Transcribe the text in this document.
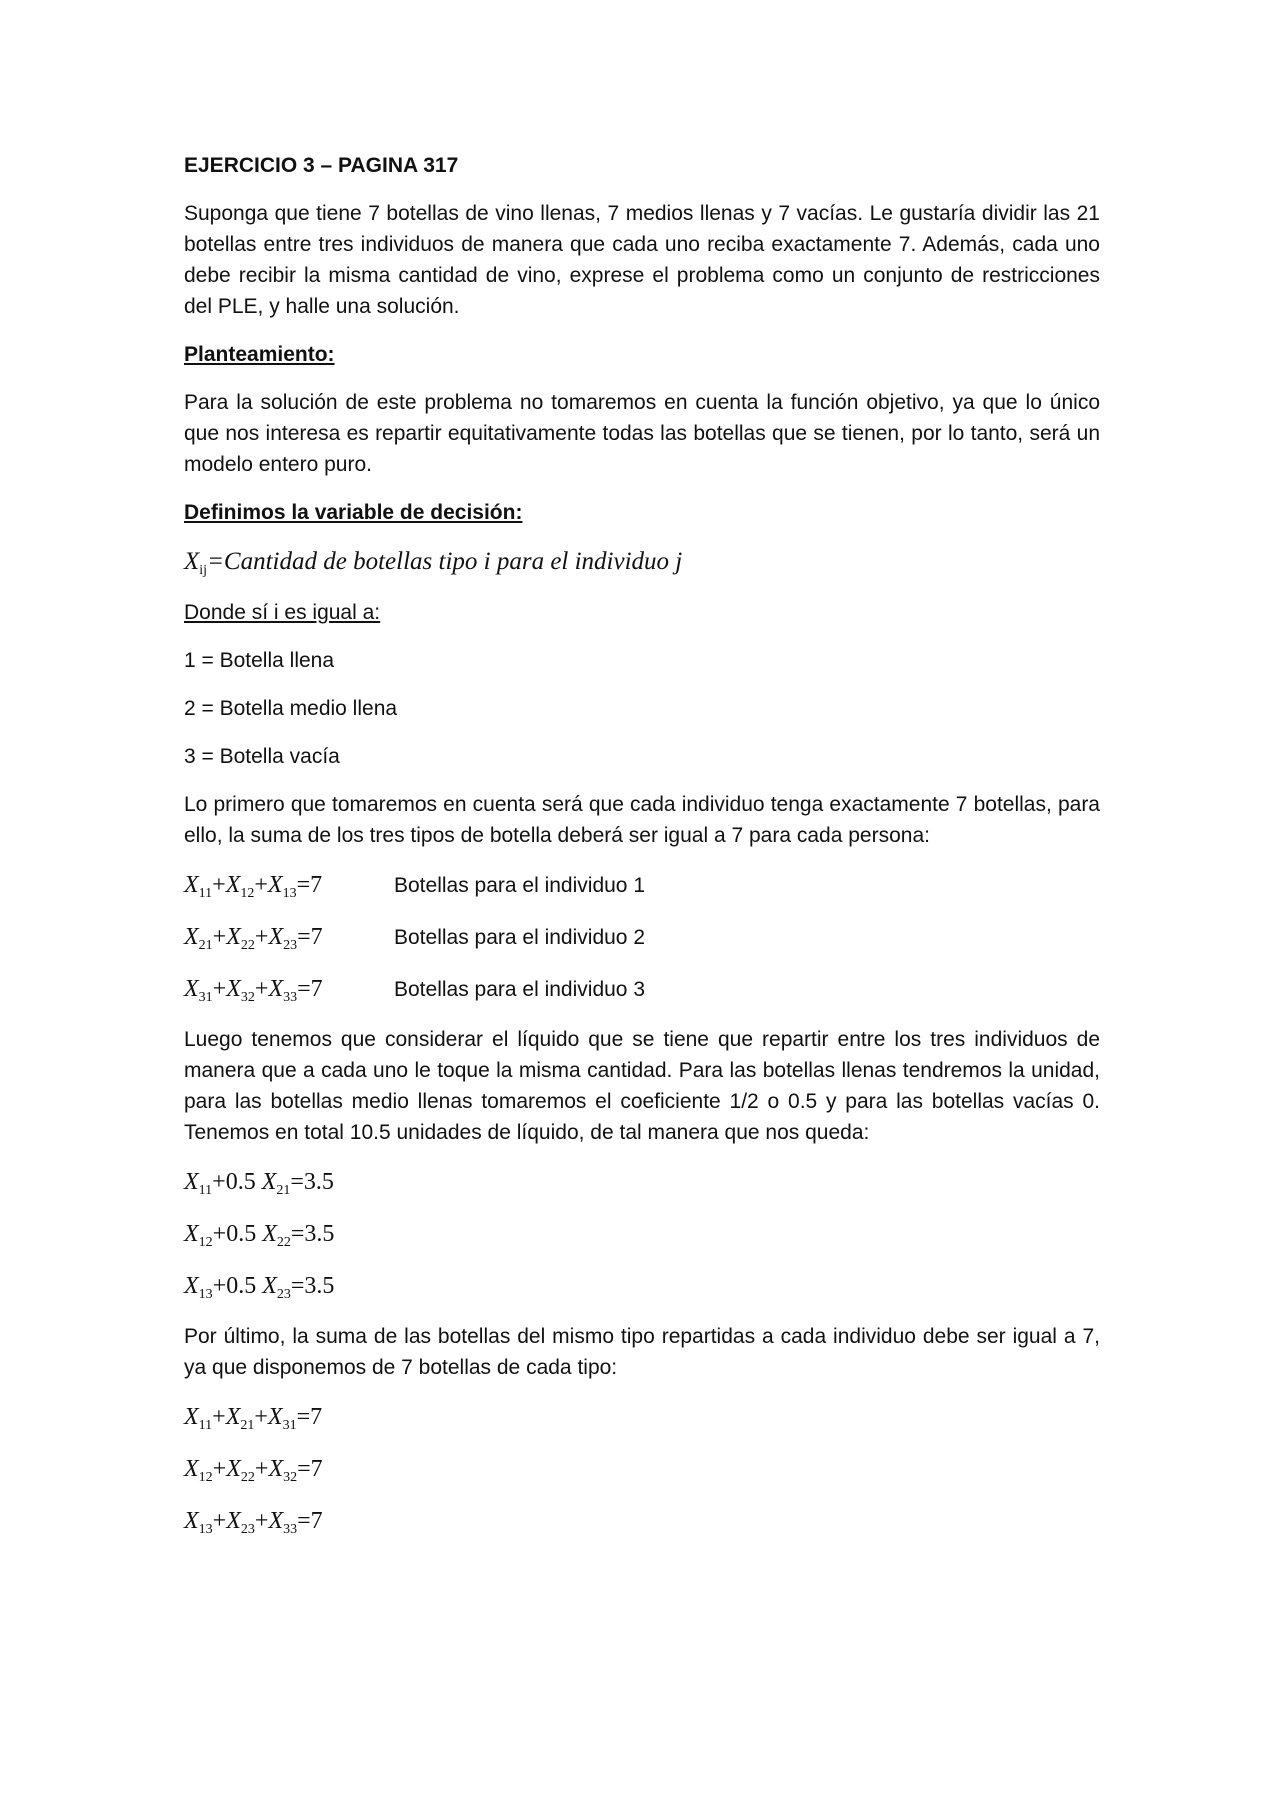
EJERCICIO 3 – PAGINA 317
Suponga que tiene 7 botellas de vino llenas, 7 medios llenas y 7 vacías. Le gustaría dividir las 21 botellas entre tres individuos de manera que cada uno reciba exactamente 7. Además, cada uno debe recibir la misma cantidad de vino, exprese el problema como un conjunto de restricciones del PLE, y halle una solución.
Planteamiento:
Para la solución de este problema no tomaremos en cuenta la función objetivo, ya que lo único que nos interesa es repartir equitativamente todas las botellas que se tienen, por lo tanto, será un modelo entero puro.
Definimos la variable de decisión:
$X_{ij}=Cantidad$ de botellas tipo i para el individuo j
Donde sí i es igual a:
1 = Botella llena
2 = Botella medio llena
3 = Botella vacía
Lo primero que tomaremos en cuenta será que cada individuo tenga exactamente 7 botellas, para ello, la suma de los tres tipos de botella deberá ser igual a 7 para cada persona:
$X_{11}+X_{12}+X_{13}=7$	Botellas para el individuo 1
$X_{21}+X_{22}+X_{23}=7$	Botellas para el individuo 2
$X_{31}+X_{32}+X_{33}=7$	Botellas para el individuo 3
Luego tenemos que considerar el líquido que se tiene que repartir entre los tres individuos de manera que a cada uno le toque la misma cantidad. Para las botellas llenas tendremos la unidad, para las botellas medio llenas tomaremos el coeficiente 1/2 o 0.5 y para las botellas vacías 0. Tenemos en total 10.5 unidades de líquido, de tal manera que nos queda:
$X_{11}+0.5$ $X_{21}=3.5$
$X_{12}+0.5$ $X_{22}=3.5$
$X_{13}+0.5$ $X_{23}=3.5$
Por último, la suma de las botellas del mismo tipo repartidas a cada individuo debe ser igual a 7, ya que disponemos de 7 botellas de cada tipo:
$X_{11}+X_{21}+X_{31}=7$
$X_{12}+X_{22}+X_{32}=7$
$X_{13}+X_{23}+X_{33}=7$
